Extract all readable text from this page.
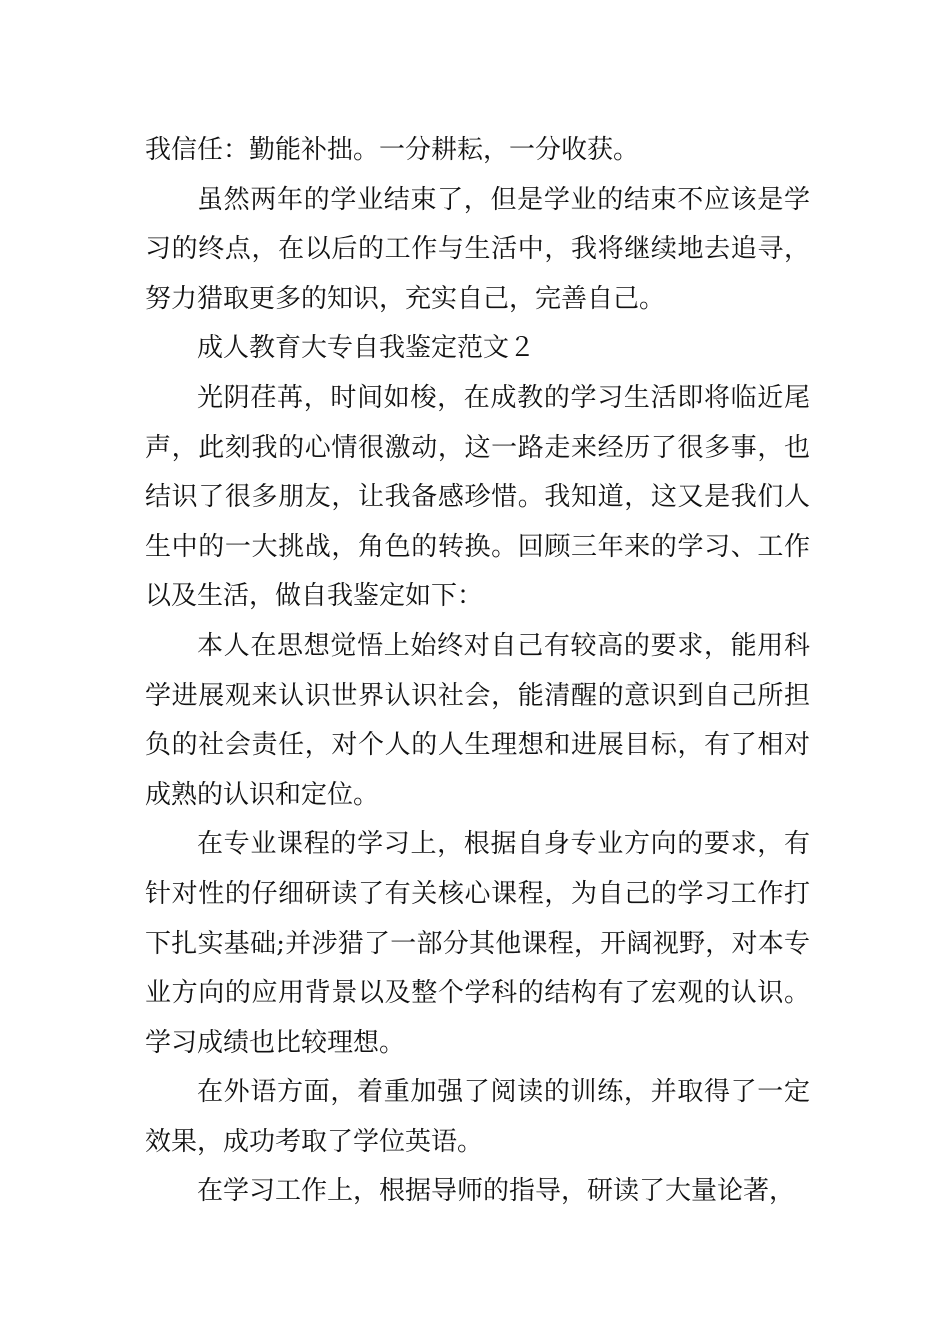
我信任：勤能补拙。一分耕耘，一分收获。

虽然两年的学业结束了，但是学业的结束不应该是学习的终点，在以后的工作与生活中，我将继续地去追寻，努力猎取更多的知识，充实自己，完善自己。

成人教育大专自我鉴定范文２

光阴荏苒，时间如梭，在成教的学习生活即将临近尾声，此刻我的心情很激动，这一路走来经历了很多事，也结识了很多朋友，让我备感珍惜。我知道，这又是我们人生中的一大挑战，角色的转换。回顾三年来的学习、工作以及生活，做自我鉴定如下：

本人在思想觉悟上始终对自己有较高的要求，能用科学进展观来认识世界认识社会，能清醒的意识到自己所担负的社会责任，对个人的人生理想和进展目标，有了相对成熟的认识和定位。

在专业课程的学习上，根据自身专业方向的要求，有针对性的仔细研读了有关核心课程，为自己的学习工作打下扎实基础;并涉猎了一部分其他课程，开阔视野，对本专业方向的应用背景以及整个学科的结构有了宏观的认识。学习成绩也比较理想。

在外语方面，着重加强了阅读的训练，并取得了一定效果，成功考取了学位英语。

在学习工作上，根据导师的指导，研读了大量论著，
